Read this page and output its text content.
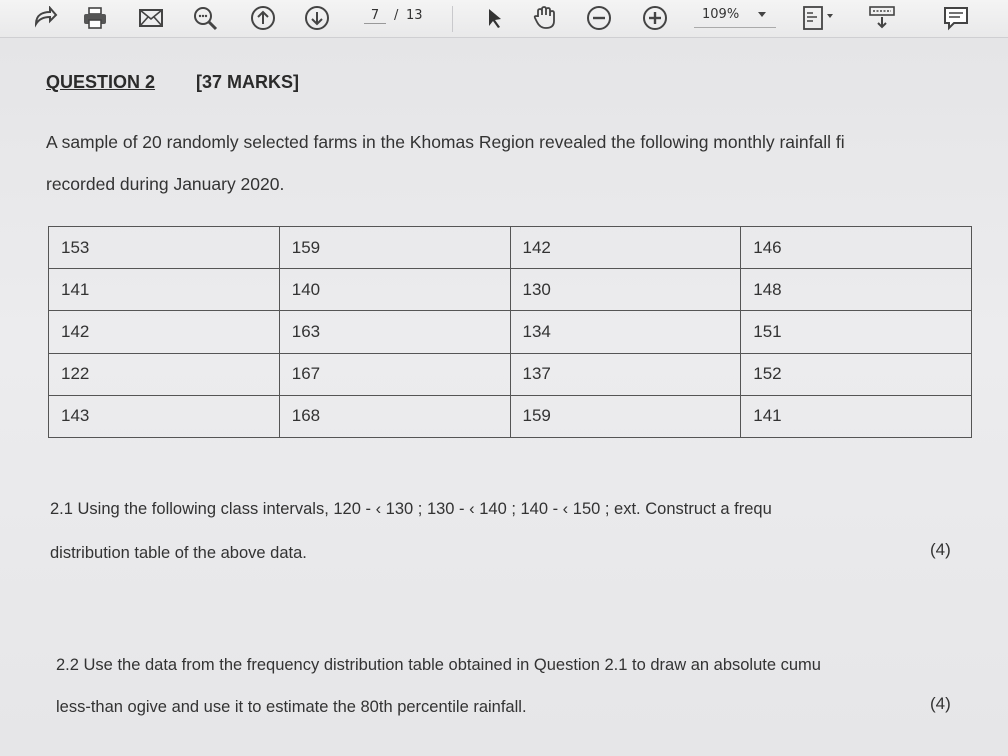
7	/ 13	109%
QUESTION 2 [37 MARKS]
A sample of 20 randomly selected farms in the Khomas Region revealed the following monthly rainfall fi
recorded during January 2020.
153	159	142	146
141	140	130	148
142	163	134	151
122	167	137	152
143	168	159	141
2.1 Using the following class intervals, 120 - ‹ 130 ; 130 - ‹ 140 ; 140 - ‹ 150 ; ext. Construct a frequ
distribution table of the above data.	(4)
2.2 Use the data from the frequency distribution table obtained in Question 2.1 to draw an absolute cumu
less-than ogive and use it to estimate the 80th percentile rainfall.	(4)
